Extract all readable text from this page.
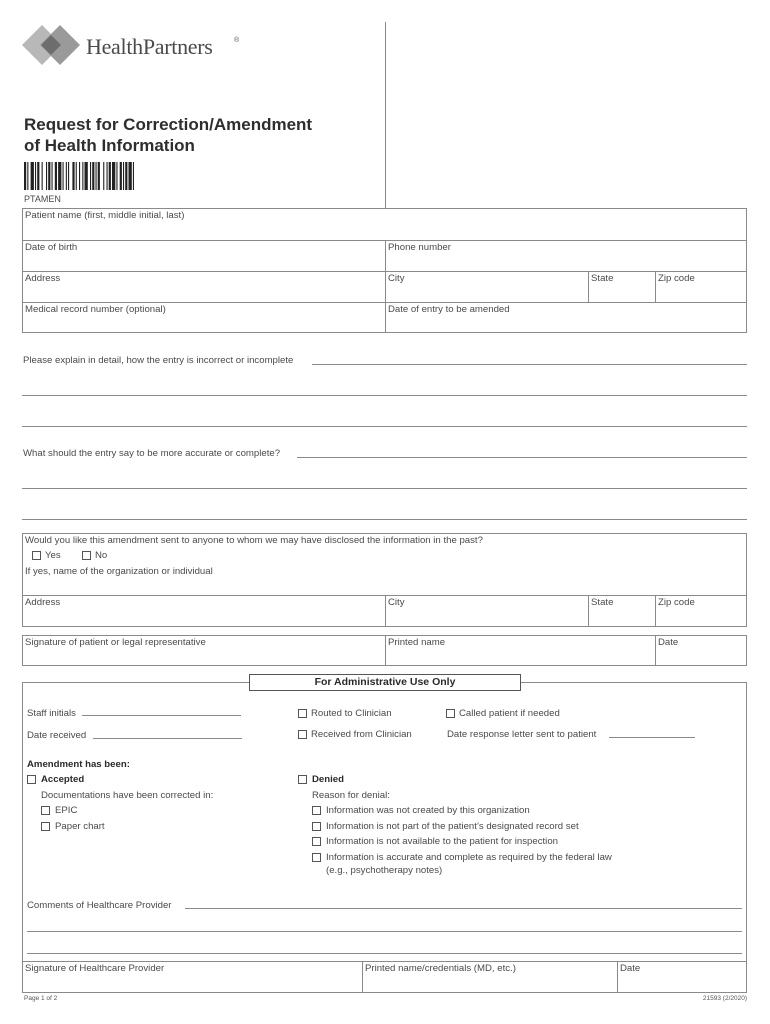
HealthPartners	®
Request for Correction/Amendment
of Health Information
PTAMEN
Patient name (first, middle initial, last)
Date of birth	Phone number
Address	City	State	Zip code
Medical record number (optional)	Date of entry to be amended
Please explain in detail, how the entry is incorrect or incomplete
What should the entry say to be more accurate or complete?
Would you like this amendment sent to anyone to whom we may have disclosed the information in the past?
Yes	No
If yes, name of the organization or individual
Address	City	State	Zip code
Signature of patient or legal representative	Printed name	Date
For Administrative Use Only
Staff initials	Routed to Clinician	Called patient if needed
Date received	Received from Clinician	Date response letter sent to patient
Amendment has been:
Accepted
Documentations have been corrected in:
EPIC
Paper chart
Denied
Reason for denial:
Information was not created by this organization
Information is not part of the patient’s designated record set
Information is not available to the patient for inspection
Information is accurate and complete as required by the federal law
(e.g., psychotherapy notes)
Comments of Healthcare Provider
Signature of Healthcare Provider	Printed name/credentials (MD, etc.)	Date
Page 1 of 2	21593 (2/2020)
